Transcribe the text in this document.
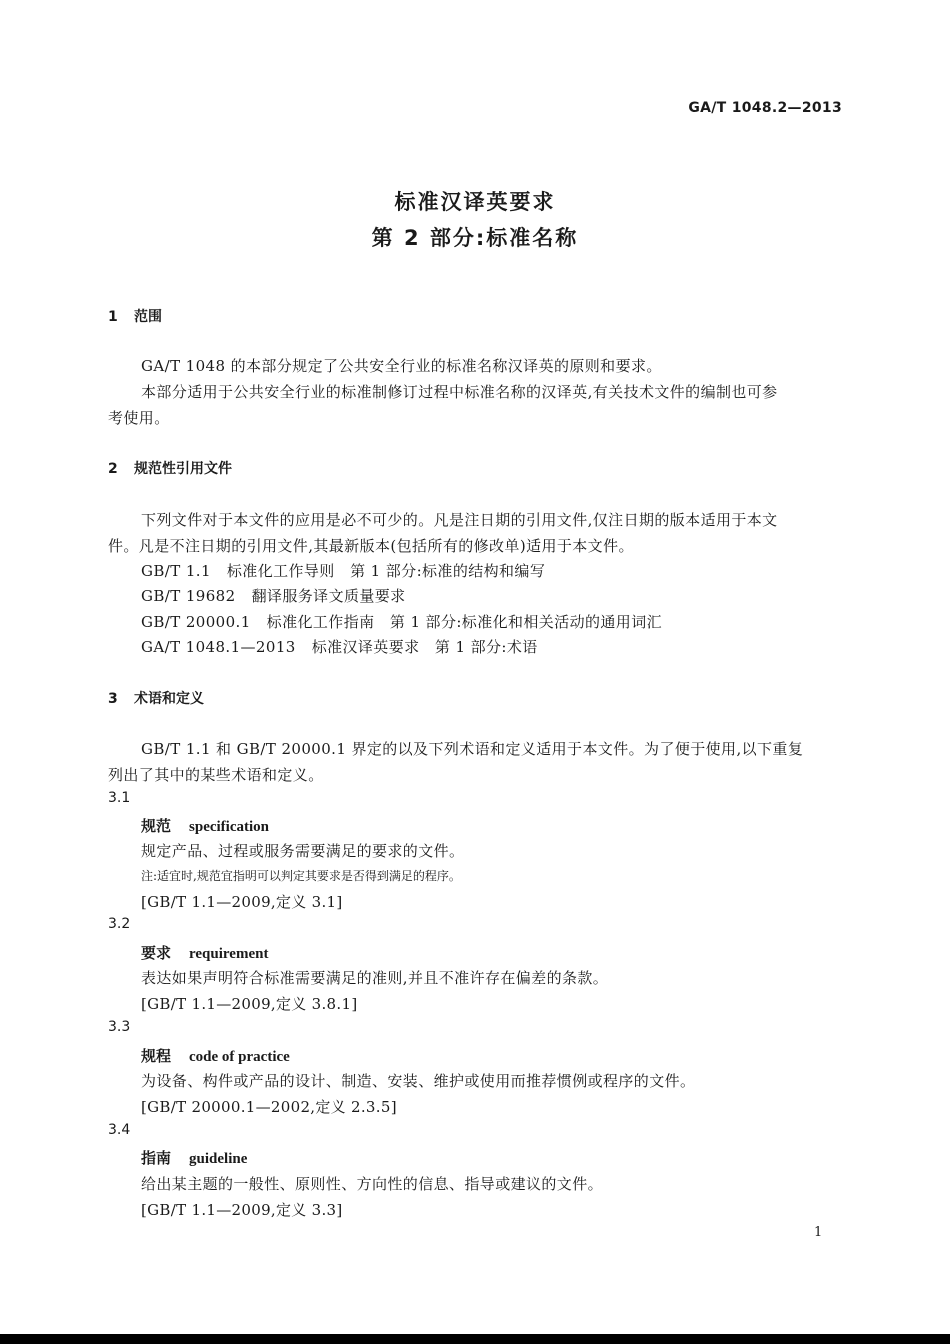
GA/T 1048.2—2013
标准汉译英要求
第 2 部分:标准名称
1 范围
GA/T 1048 的本部分规定了公共安全行业的标准名称汉译英的原则和要求。
本部分适用于公共安全行业的标准制修订过程中标准名称的汉译英,有关技术文件的编制也可参
考使用。
2 规范性引用文件
下列文件对于本文件的应用是必不可少的。凡是注日期的引用文件,仅注日期的版本适用于本文
件。凡是不注日期的引用文件,其最新版本(包括所有的修改单)适用于本文件。
GB/T 1.1 标准化工作导则　第 1 部分:标准的结构和编写
GB/T 19682 翻译服务译文质量要求
GB/T 20000.1 标准化工作指南　第 1 部分:标准化和相关活动的通用词汇
GA/T 1048.1—2013 标准汉译英要求　第 1 部分:术语
3 术语和定义
GB/T 1.1 和 GB/T 20000.1 界定的以及下列术语和定义适用于本文件。为了便于使用,以下重复
列出了其中的某些术语和定义。
3.1
规范 specification
规定产品、过程或服务需要满足的要求的文件。
注:适宜时,规范宜指明可以判定其要求是否得到满足的程序。
[GB/T 1.1—2009,定义 3.1]
3.2
要求 requirement
表达如果声明符合标准需要满足的准则,并且不准许存在偏差的条款。
[GB/T 1.1—2009,定义 3.8.1]
3.3
规程 code of practice
为设备、构件或产品的设计、制造、安装、维护或使用而推荐惯例或程序的文件。
[GB/T 20000.1—2002,定义 2.3.5]
3.4
指南 guideline
给出某主题的一般性、原则性、方向性的信息、指导或建议的文件。
[GB/T 1.1—2009,定义 3.3]
1
